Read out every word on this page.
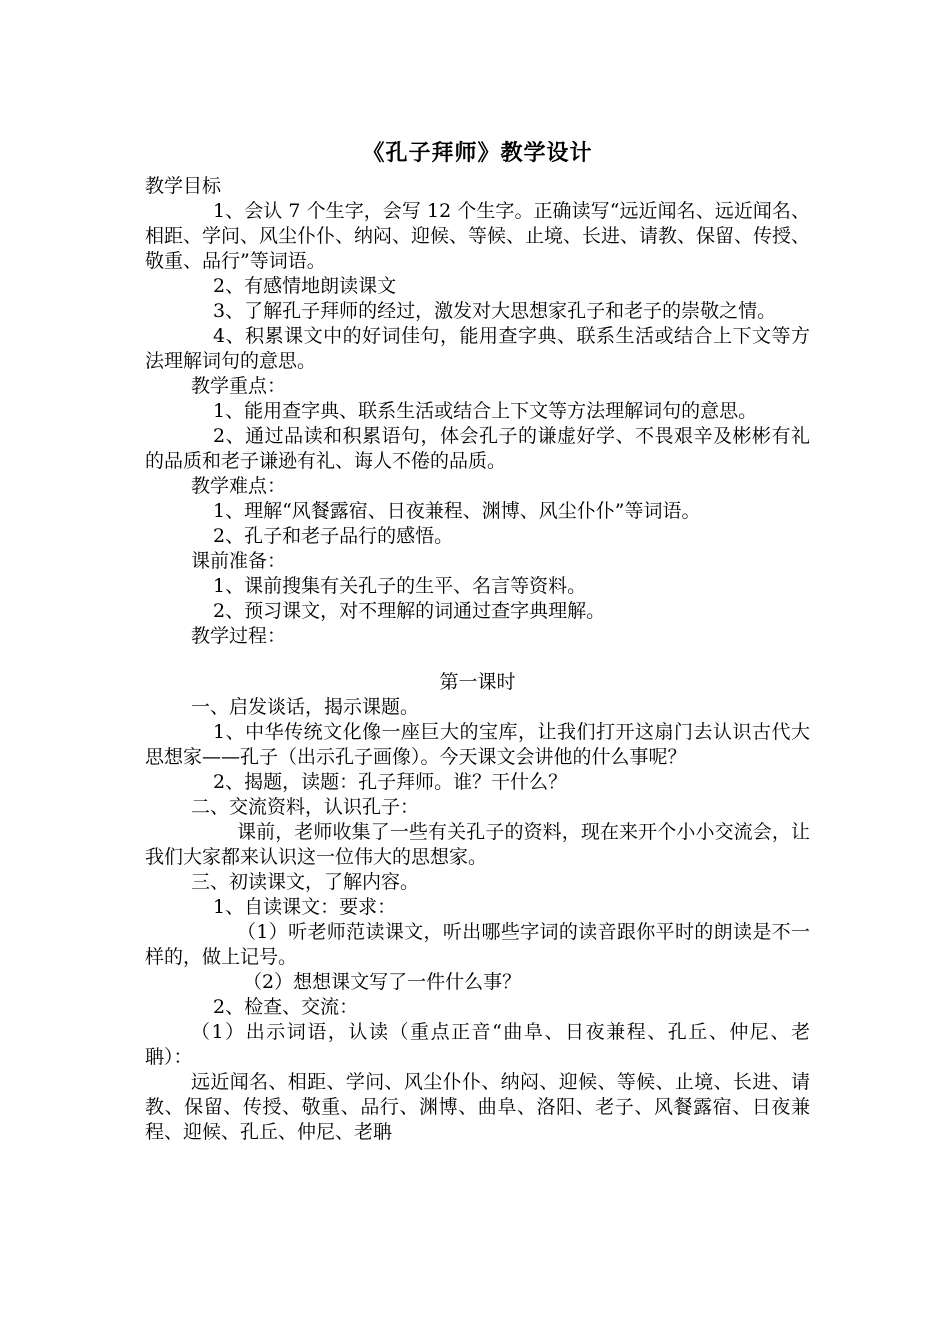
《孔子拜师》教学设计

教学目标

1、会认 7 个生字，会写 12 个生字。正确读写“远近闻名、远近闻名、相距、学问、风尘仆仆、纳闷、迎候、等候、止境、长进、请教、保留、传授、敬重、品行”等词语。

2、有感情地朗读课文

3、了解孔子拜师的经过，激发对大思想家孔子和老子的崇敬之情。

4、积累课文中的好词佳句，能用查字典、联系生活或结合上下文等方法理解词句的意思。

教学重点：

1、能用查字典、联系生活或结合上下文等方法理解词句的意思。

2、通过品读和积累语句，体会孔子的谦虚好学、不畏艰辛及彬彬有礼的品质和老子谦逊有礼、诲人不倦的品质。

教学难点：

1、理解“风餐露宿、日夜兼程、渊博、风尘仆仆”等词语。

2、孔子和老子品行的感悟。

课前准备：

1、课前搜集有关孔子的生平、名言等资料。

2、预习课文，对不理解的词通过查字典理解。

教学过程：

第一课时

一、启发谈话，揭示课题。

1、中华传统文化像一座巨大的宝库，让我们打开这扇门去认识古代大思想家——孔子（出示孔子画像）。今天课文会讲他的什么事呢？

2、揭题，读题：孔子拜师。谁？干什么？

二、交流资料，认识孔子：

课前，老师收集了一些有关孔子的资料，现在来开个小小交流会，让我们大家都来认识这一位伟大的思想家。

三、初读课文，了解内容。

1、自读课文：要求：

（1）听老师范读课文，听出哪些字词的读音跟你平时的朗读是不一样的，做上记号。

（2）想想课文写了一件什么事？

2、检查、交流：

（1）出示词语，认读（重点正音“曲阜、日夜兼程、孔丘、仲尼、老聃）：

远近闻名、相距、学问、风尘仆仆、纳闷、迎候、等候、止境、长进、请教、保留、传授、敬重、品行、渊博、曲阜、洛阳、老子、风餐露宿、日夜兼程、迎候、孔丘、仲尼、老聃
